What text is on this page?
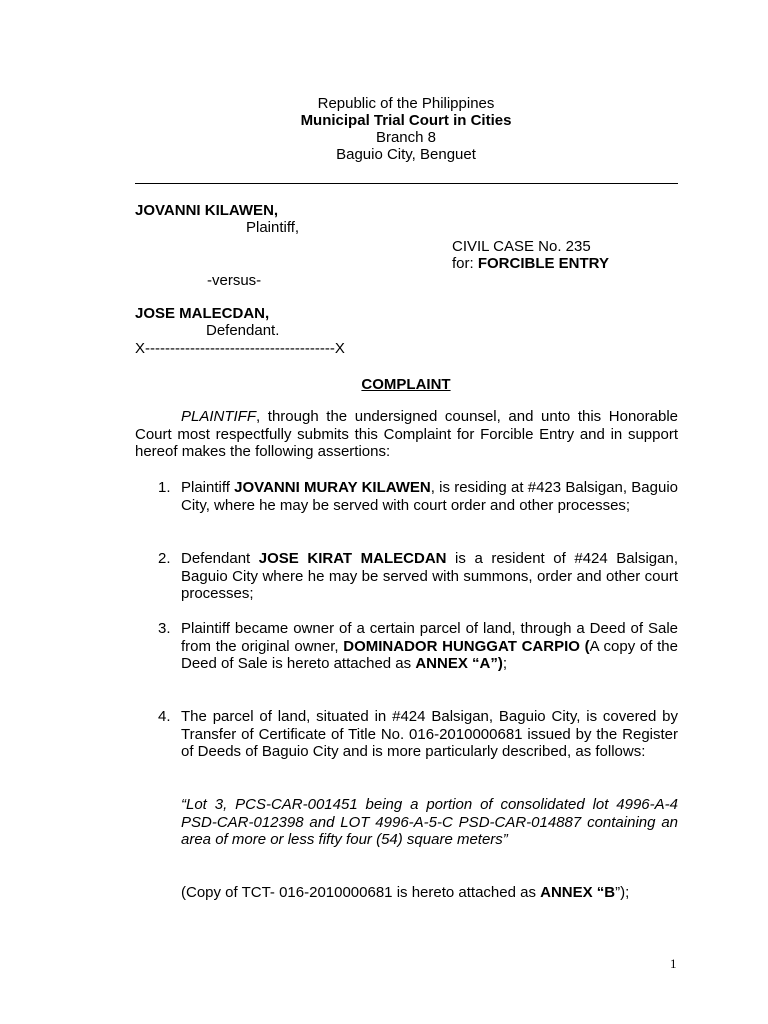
Republic of the Philippines
Municipal Trial Court in Cities
Branch 8
Baguio City, Benguet
JOVANNI KILAWEN,
Plaintiff,
CIVIL CASE No. 235
for: FORCIBLE ENTRY
-versus-
JOSE MALECDAN,
Defendant.
X--------------------------------------X
COMPLAINT
PLAINTIFF, through the undersigned counsel, and unto this Honorable Court most respectfully submits this Complaint for Forcible Entry and in support hereof makes the following assertions:
1. Plaintiff JOVANNI MURAY KILAWEN, is residing at #423 Balsigan, Baguio City, where he may be served with court order and other processes;
2. Defendant JOSE KIRAT MALECDAN is a resident of #424 Balsigan, Baguio City where he may be served with summons, order and other court processes;
3. Plaintiff became owner of a certain parcel of land, through a Deed of Sale from the original owner, DOMINADOR HUNGGAT CARPIO (A copy of the Deed of Sale is hereto attached as ANNEX “A”);
4. The parcel of land, situated in #424 Balsigan, Baguio City, is covered by Transfer of Certificate of Title No. 016-2010000681 issued by the Register of Deeds of Baguio City and is more particularly described, as follows:
“Lot 3, PCS-CAR-001451 being a portion of consolidated lot 4996-A-4 PSD-CAR-012398 and LOT 4996-A-5-C PSD-CAR-014887 containing an area of more or less fifty four (54) square meters”
(Copy of TCT- 016-2010000681 is hereto attached as ANNEX “B”);
1
